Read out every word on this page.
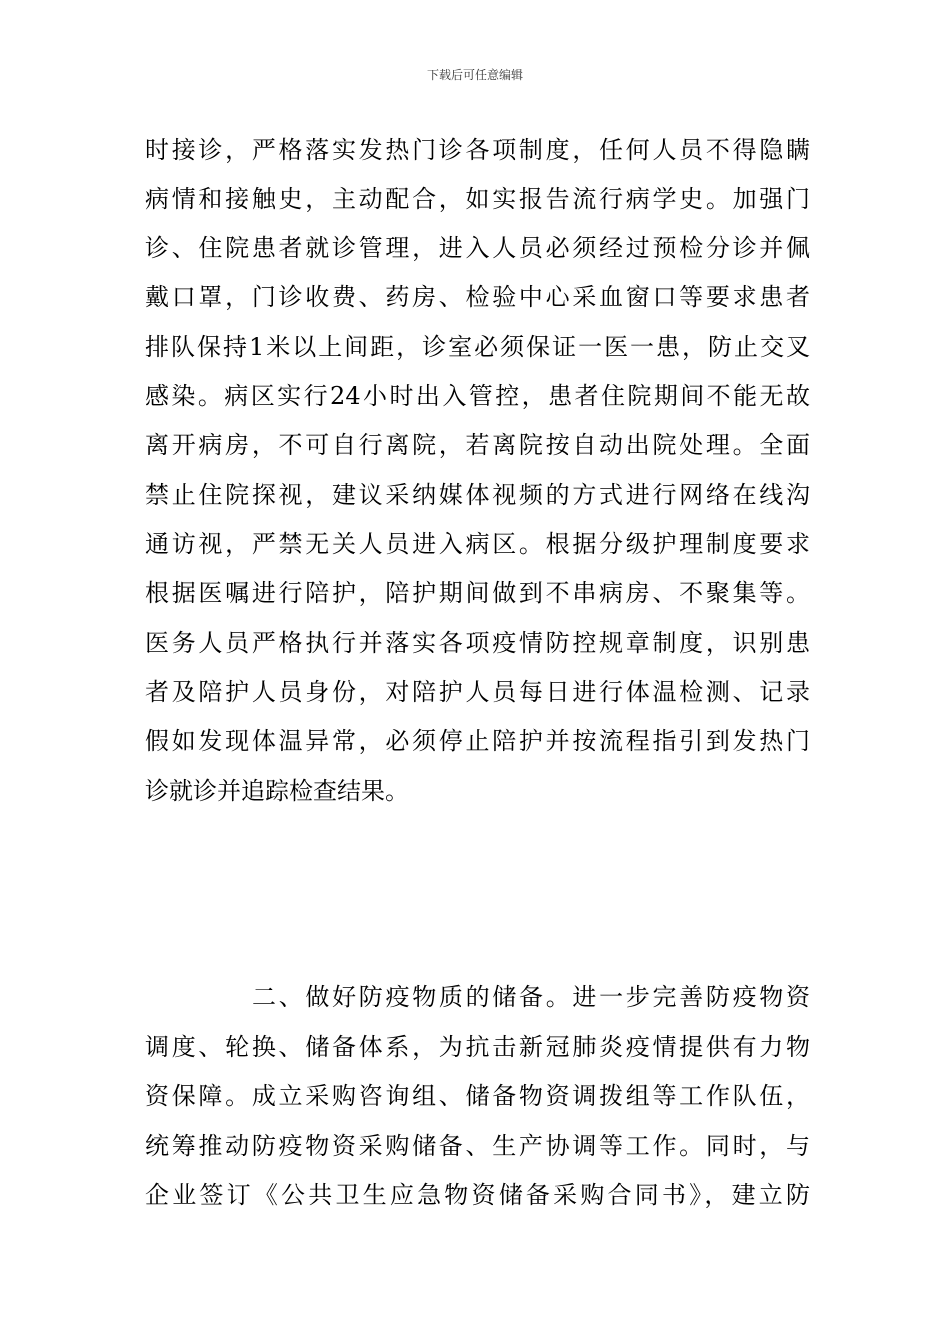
下载后可任意编辑
时接诊，严格落实发热门诊各项制度，任何人员不得隐瞒
病情和接触史，主动配合，如实报告流行病学史。加强门
诊、住院患者就诊管理，进入人员必须经过预检分诊并佩
戴口罩，门诊收费、药房、检验中心采血窗口等要求患者
排队保持1米以上间距，诊室必须保证一医一患，防止交叉
感染。病区实行24小时出入管控，患者住院期间不能无故
离开病房，不可自行离院，若离院按自动出院处理。全面
禁止住院探视，建议采纳媒体视频的方式进行网络在线沟
通访视，严禁无关人员进入病区。根据分级护理制度要求
根据医嘱进行陪护，陪护期间做到不串病房、不聚集等。
医务人员严格执行并落实各项疫情防控规章制度，识别患
者及陪护人员身份，对陪护人员每日进行体温检测、记录
假如发现体温异常，必须停止陪护并按流程指引到发热门
诊就诊并追踪检查结果。
二、做好防疫物质的储备。进一步完善防疫物资
调度、轮换、储备体系，为抗击新冠肺炎疫情提供有力物
资保障。成立采购咨询组、储备物资调拨组等工作队伍，
统筹推动防疫物资采购储备、生产协调等工作。同时，与
企业签订《公共卫生应急物资储备采购合同书》，建立防
